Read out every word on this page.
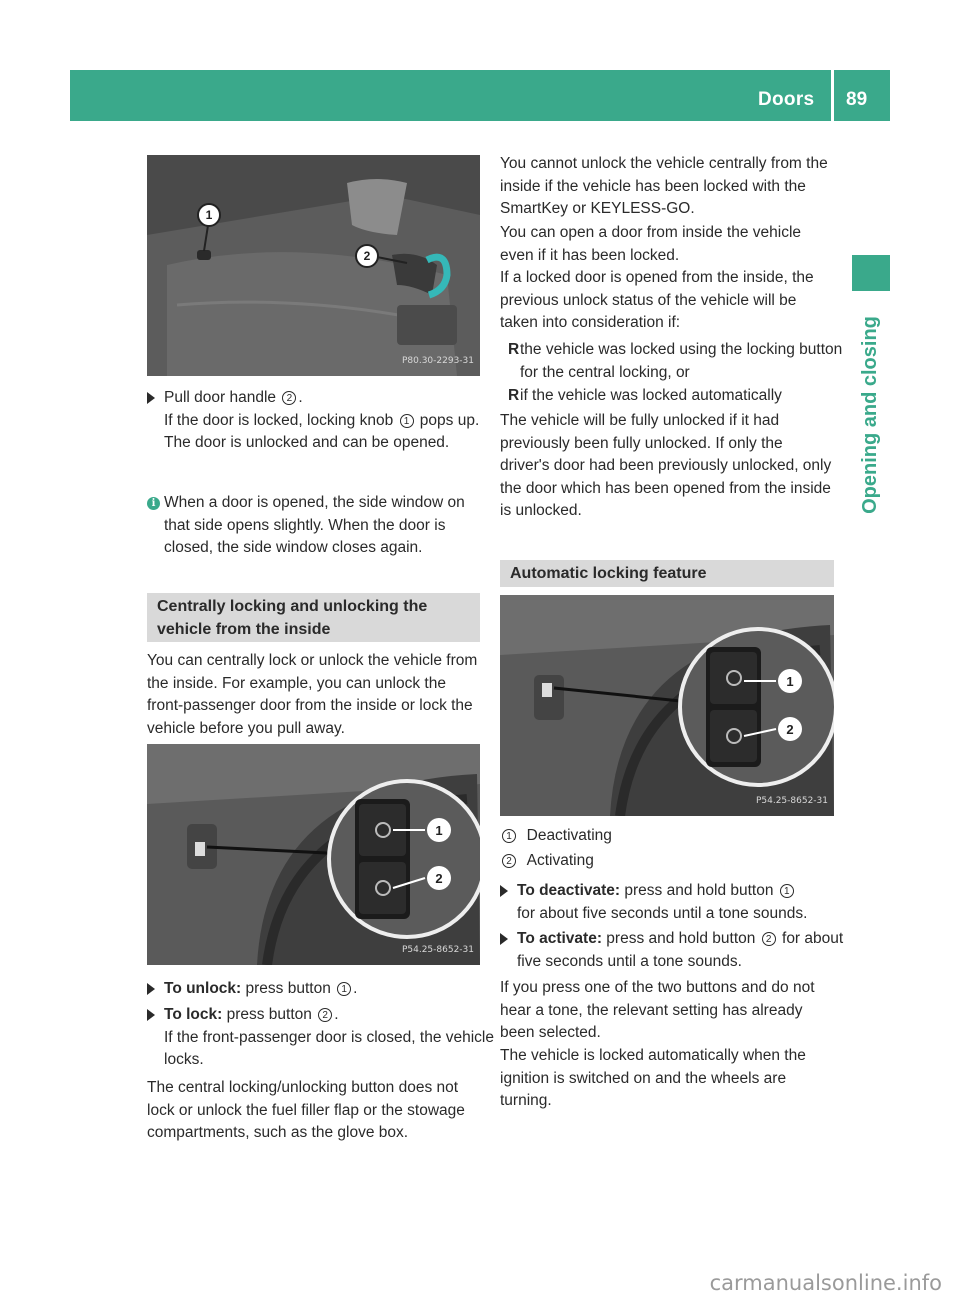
Doors 89
Opening and closing
1
2
P80.30-2293-31
Pull door handle 2 .
If the door is locked, locking knob 1 pops up. The door is unlocked and can be opened.
i When a door is opened, the side window on that side opens slightly. When the door is closed, the side window closes again.

Centrally locking and unlocking the vehicle from the inside

You can centrally lock or unlock the vehicle from the inside. For example, you can unlock the front-passenger door from the inside or lock the vehicle before you pull away.

1
2
P54.25-8652-31
To unlock: press button 1 .
To lock: press button 2 .
If the front-passenger door is closed, the vehicle locks.

The central locking/unlocking button does not lock or unlock the fuel filler flap or the stowage compartments, such as the glove box.

You cannot unlock the vehicle centrally from the inside if the vehicle has been locked with the SmartKey or KEYLESS-GO.

You can open a door from inside the vehicle even if it has been locked.

If a locked door is opened from the inside, the previous unlock status of the vehicle will be taken into consideration if:

R the vehicle was locked using the locking button for the central locking, or
R if the vehicle was locked automatically

The vehicle will be fully unlocked if it had previously been fully unlocked. If only the driver's door had been previously unlocked, only the door which has been opened from the inside is unlocked.

Automatic locking feature
1
2
P54.25-8652-31
1 Deactivating
2 Activating
To deactivate: press and hold button 1
for about five seconds until a tone sounds.
To activate: press and hold button 2 for about five seconds until a tone sounds.

If you press one of the two buttons and do not hear a tone, the relevant setting has already been selected.

The vehicle is locked automatically when the ignition is switched on and the wheels are turning.

carmanualsonline.info
